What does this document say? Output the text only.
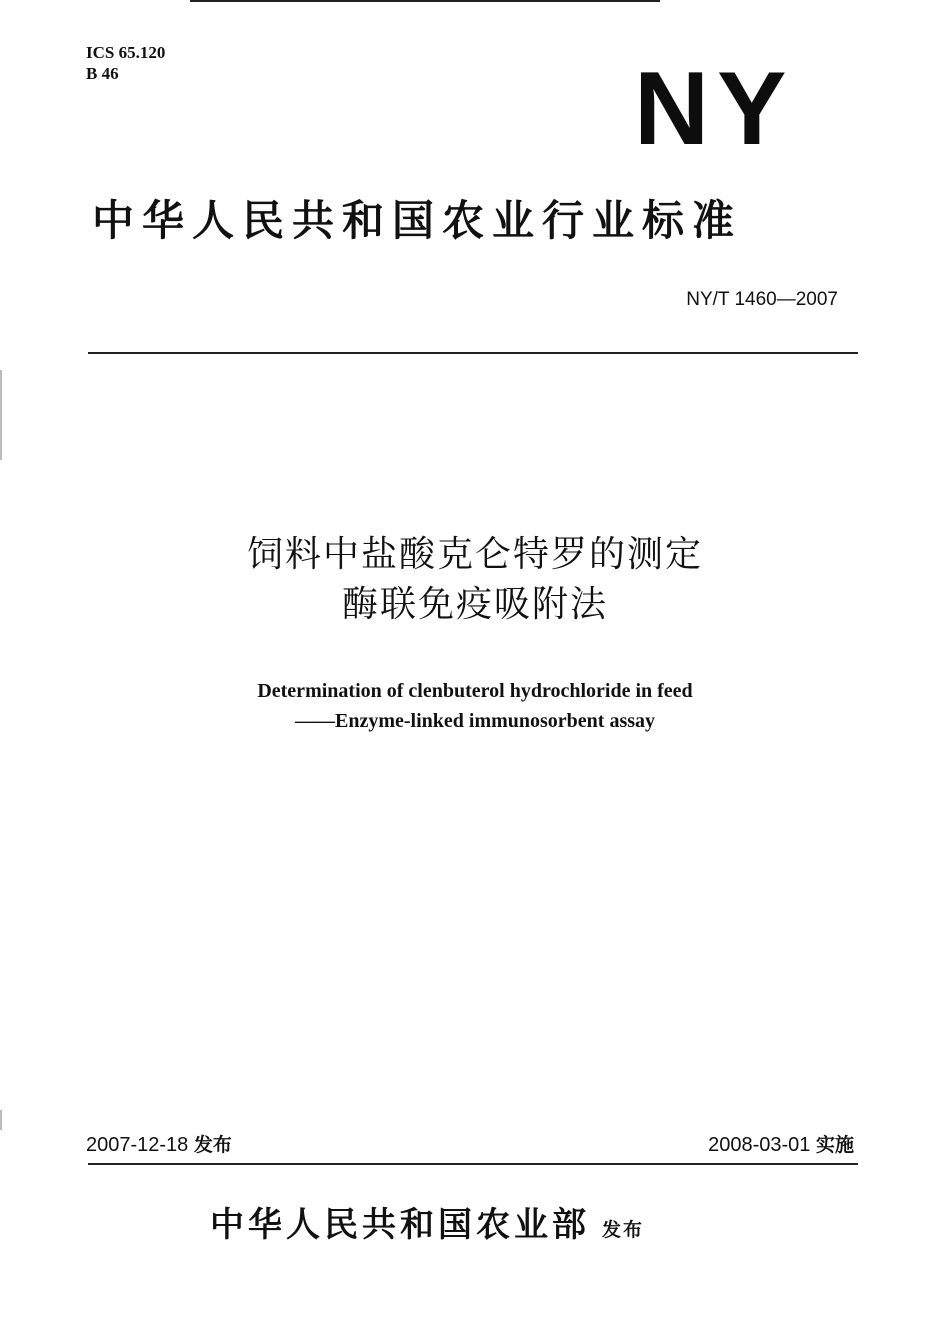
ICS 65.120
B 46	NY
中华人民共和国农业行业标准
NY/T 1460—2007
饲料中盐酸克仑特罗的测定
酶联免疫吸附法
Determination of clenbuterol hydrochloride in feed
——Enzyme-linked immunosorbent assay
2007-12-18 发布	2008-03-01 实施
中华人民共和国农业部 发布
